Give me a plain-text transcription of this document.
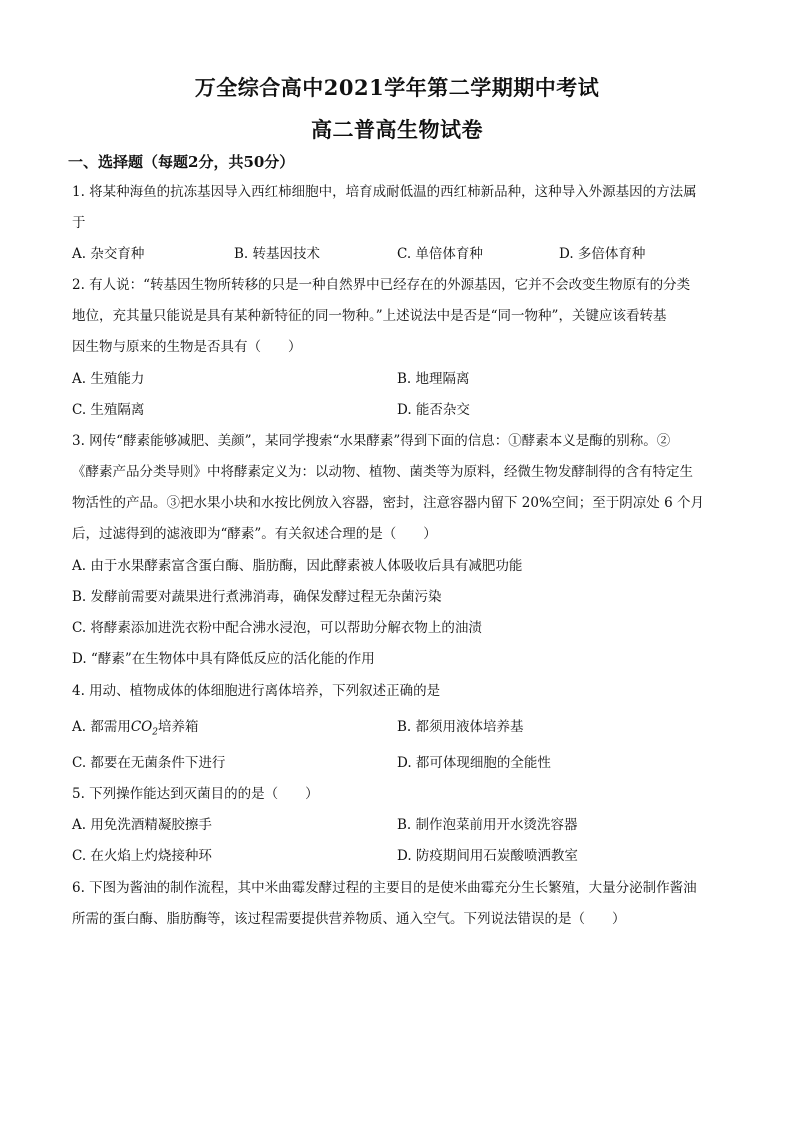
万全综合高中2021学年第二学期期中考试
高二普高生物试卷
一、选择题（每题2分，共50分）
1. 将某种海鱼的抗冻基因导入西红柿细胞中，培育成耐低温的西红柿新品种，这种导入外源基因的方法属
于
A. 杂交育种	B. 转基因技术	C. 单倍体育种	D. 多倍体育种
2. 有人说：“转基因生物所转移的只是一种自然界中已经存在的外源基因，它并不会改变生物原有的分类
地位，充其量只能说是具有某种新特征的同一物种。”上述说法中是否是“同一物种”，关键应该看转基
因生物与原来的生物是否具有（　　）
A. 生殖能力	B. 地理隔离
C. 生殖隔离	D. 能否杂交
3. 网传“酵素能够减肥、美颜”，某同学搜索“水果酵素”得到下面的信息：①酵素本义是酶的别称。②
《酵素产品分类导则》中将酵素定义为：以动物、植物、菌类等为原料，经微生物发酵制得的含有特定生
物活性的产品。③把水果小块和水按比例放入容器，密封，注意容器内留下 20%空间；至于阴凉处 6 个月
后，过滤得到的滤液即为“酵素”。有关叙述合理的是（　　）
A. 由于水果酵素富含蛋白酶、脂肪酶，因此酵素被人体吸收后具有减肥功能
B. 发酵前需要对蔬果进行煮沸消毒，确保发酵过程无杂菌污染
C. 将酵素添加进洗衣粉中配合沸水浸泡，可以帮助分解衣物上的油渍
D. “酵素”在生物体中具有降低反应的活化能的作用
4. 用动、植物成体的体细胞进行离体培养，下列叙述正确的是
A. 都需用$CO_2$培养箱	B. 都须用液体培养基
C. 都要在无菌条件下进行	D. 都可体现细胞的全能性
5. 下列操作能达到灭菌目的的是（　　）
A. 用免洗酒精凝胶擦手	B. 制作泡菜前用开水烫洗容器
C. 在火焰上灼烧接种环	D. 防疫期间用石炭酸喷洒教室
6. 下图为酱油的制作流程，其中米曲霉发酵过程的主要目的是使米曲霉充分生长繁殖，大量分泌制作酱油
所需的蛋白酶、脂肪酶等，该过程需要提供营养物质、通入空气。下列说法错误的是（　　）
